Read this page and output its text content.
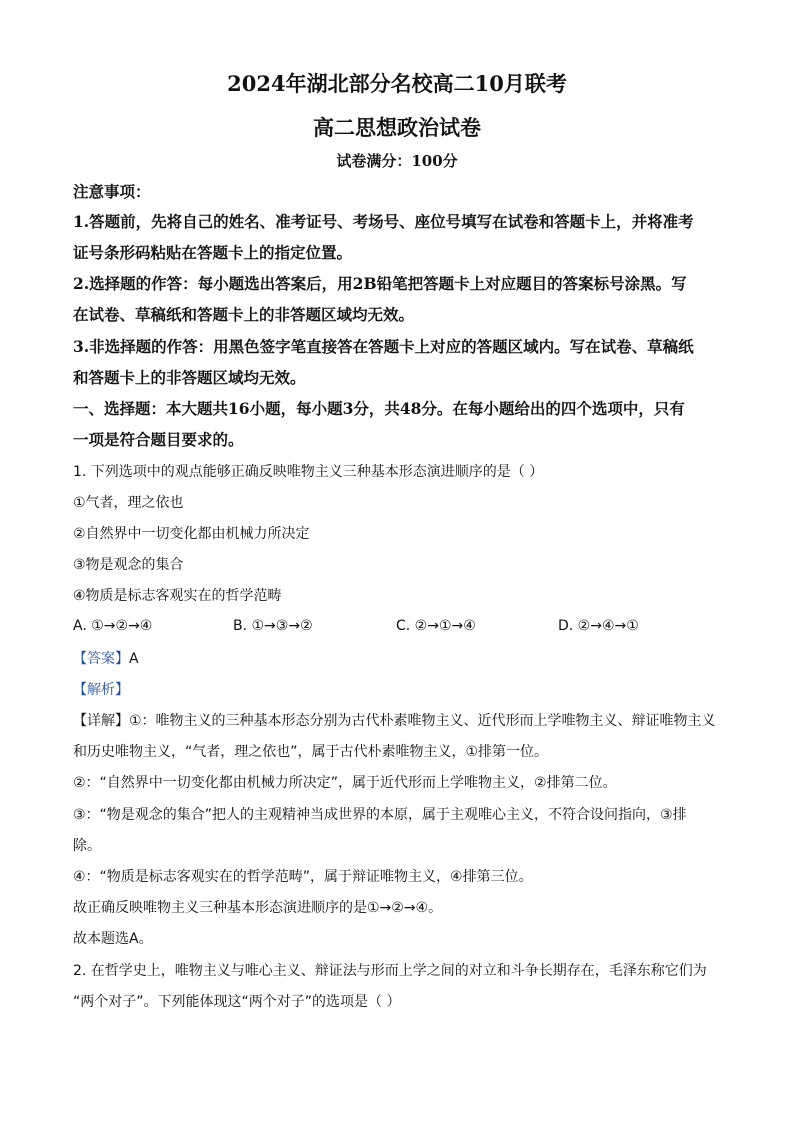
2024年湖北部分名校高二10月联考
高二思想政治试卷
试卷满分：100分
注意事项：
1.答题前，先将自己的姓名、准考证号、考场号、座位号填写在试卷和答题卡上，并将准考
证号条形码粘贴在答题卡上的指定位置。
2.选择题的作答：每小题选出答案后，用2B铅笔把答题卡上对应题目的答案标号涂黑。写
在试卷、草稿纸和答题卡上的非答题区域均无效。
3.非选择题的作答：用黑色签字笔直接答在答题卡上对应的答题区域内。写在试卷、草稿纸
和答题卡上的非答题区域均无效。
一、选择题：本大题共16小题，每小题3分，共48分。在每小题给出的四个选项中，只有
一项是符合题目要求的。
1. 下列选项中的观点能够正确反映唯物主义三种基本形态演进顺序的是（ ）
①气者，理之依也
②自然界中一切变化都由机械力所决定
③物是观念的集合
④物质是标志客观实在的哲学范畴
A. ①→②→④	B. ①→③→②	C. ②→①→④	D. ②→④→①
【答案】A
【解析】
【详解】①：唯物主义的三种基本形态分别为古代朴素唯物主义、近代形而上学唯物主义、辩证唯物主义
和历史唯物主义，“气者，理之依也”，属于古代朴素唯物主义，①排第一位。
②：“自然界中一切变化都由机械力所决定”，属于近代形而上学唯物主义，②排第二位。
③：“物是观念的集合”把人的主观精神当成世界的本原，属于主观唯心主义，不符合设问指向，③排
除。
④：“物质是标志客观实在的哲学范畴”，属于辩证唯物主义，④排第三位。
故正确反映唯物主义三种基本形态演进顺序的是①→②→④。
故本题选A。
2. 在哲学史上，唯物主义与唯心主义、辩证法与形而上学之间的对立和斗争长期存在，毛泽东称它们为
“两个对子”。下列能体现这“两个对子”的选项是（ ）
